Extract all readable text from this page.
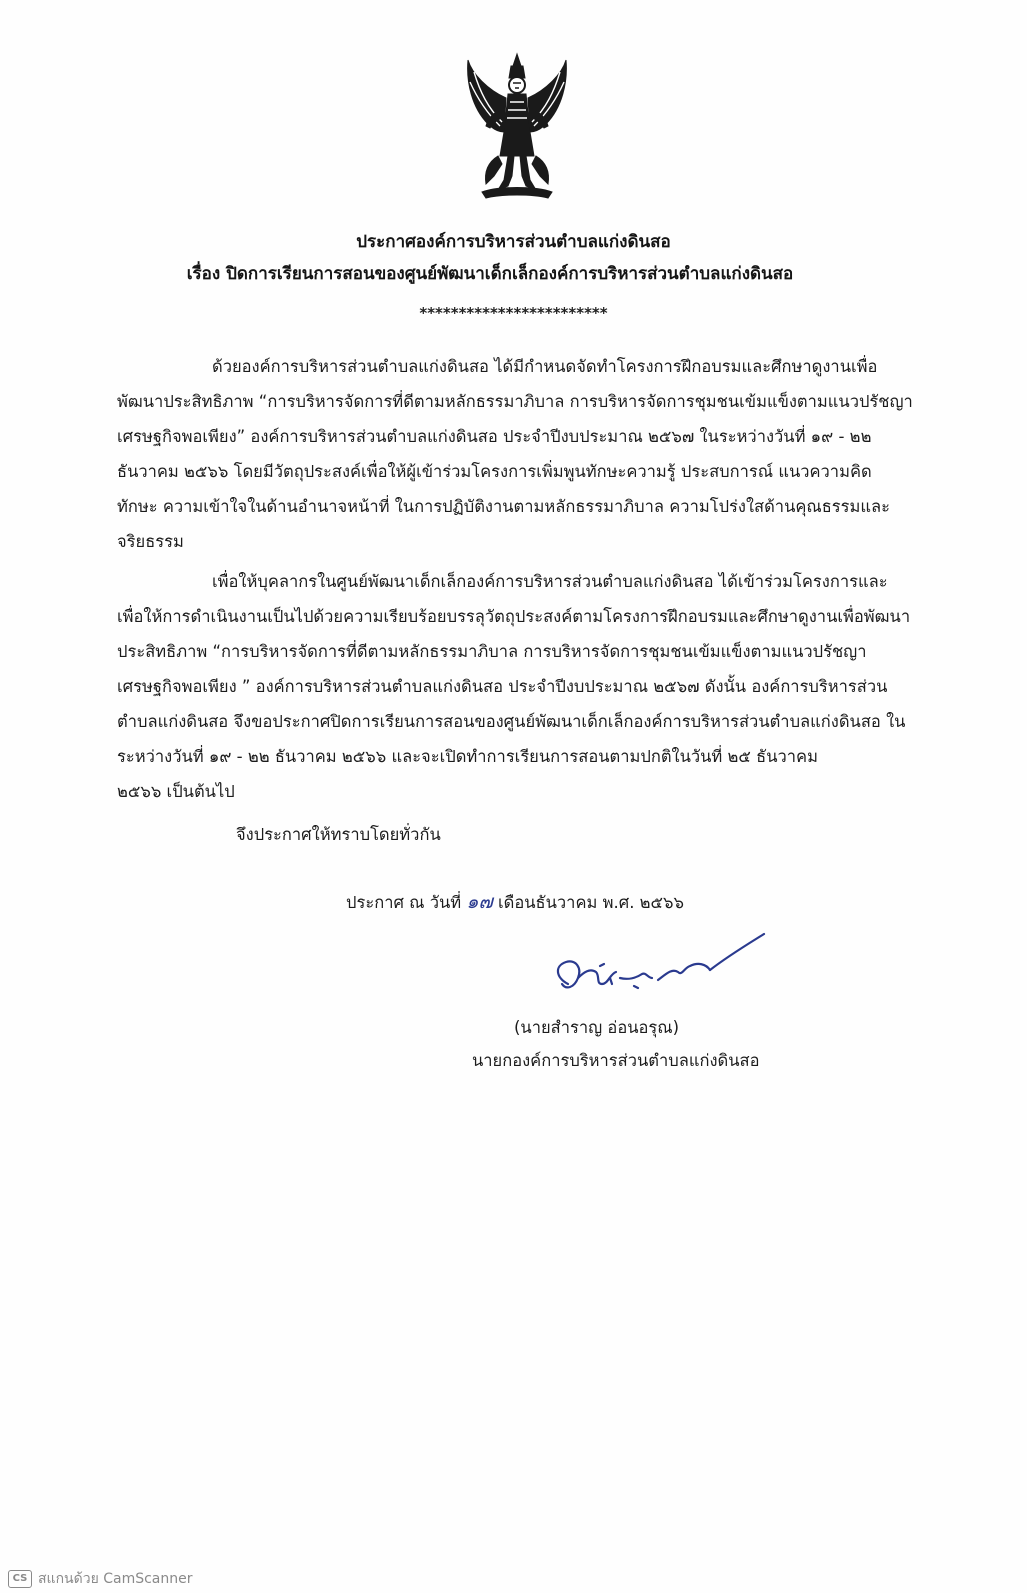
ประกาศองค์การบริหารส่วนตำบลแก่งดินสอ
เรื่อง ปิดการเรียนการสอนของศูนย์พัฒนาเด็กเล็กองค์การบริหารส่วนตำบลแก่งดินสอ
************************
ด้วยองค์การบริหารส่วนตำบลแก่งดินสอ ได้มีกำหนดจัดทำโครงการฝึกอบรมและศึกษาดูงานเพื่อ
พัฒนาประสิทธิภาพ “การบริหารจัดการที่ดีตามหลักธรรมาภิบาล การบริหารจัดการชุมชนเข้มแข็งตามแนวปรัชญา
เศรษฐกิจพอเพียง” องค์การบริหารส่วนตำบลแก่งดินสอ ประจำปีงบประมาณ ๒๕๖๗ ในระหว่างวันที่ ๑๙ - ๒๒
ธันวาคม ๒๕๖๖ โดยมีวัตถุประสงค์เพื่อให้ผู้เข้าร่วมโครงการเพิ่มพูนทักษะความรู้ ประสบการณ์ แนวความคิด
ทักษะ ความเข้าใจในด้านอำนาจหน้าที่ ในการปฏิบัติงานตามหลักธรรมาภิบาล ความโปร่งใสด้านคุณธรรมและ
จริยธรรม
เพื่อให้บุคลากรในศูนย์พัฒนาเด็กเล็กองค์การบริหารส่วนตำบลแก่งดินสอ ได้เข้าร่วมโครงการและ
เพื่อให้การดำเนินงานเป็นไปด้วยความเรียบร้อยบรรลุวัตถุประสงค์ตามโครงการฝึกอบรมและศึกษาดูงานเพื่อพัฒนา
ประสิทธิภาพ “การบริหารจัดการที่ดีตามหลักธรรมาภิบาล การบริหารจัดการชุมชนเข้มแข็งตามแนวปรัชญา
เศรษฐกิจพอเพียง ” องค์การบริหารส่วนตำบลแก่งดินสอ ประจำปีงบประมาณ ๒๕๖๗ ดังนั้น องค์การบริหารส่วน
ตำบลแก่งดินสอ จึงขอประกาศปิดการเรียนการสอนของศูนย์พัฒนาเด็กเล็กองค์การบริหารส่วนตำบลแก่งดินสอ ใน
ระหว่างวันที่ ๑๙ - ๒๒ ธันวาคม ๒๕๖๖ และจะเปิดทำการเรียนการสอนตามปกติในวันที่ ๒๕ ธันวาคม
๒๕๖๖ เป็นต้นไป
จึงประกาศให้ทราบโดยทั่วกัน
ประกาศ ณ วันที่ ๑๗ เดือนธันวาคม พ.ศ. ๒๕๖๖
(นายสำราญ อ่อนอรุณ)
นายกองค์การบริหารส่วนตำบลแก่งดินสอ
CS สแกนด้วย CamScanner
